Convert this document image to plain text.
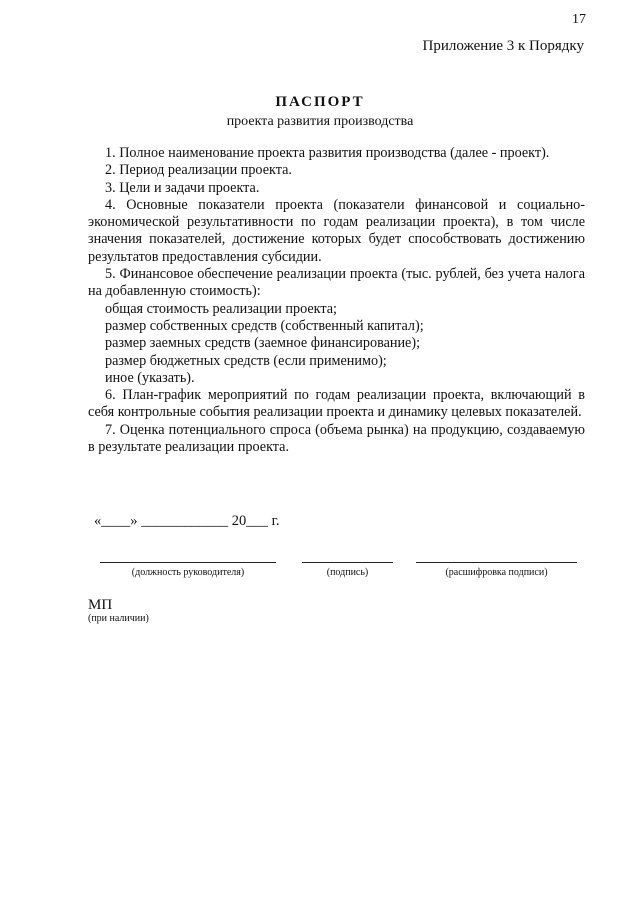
17
Приложение 3 к Порядку
ПАСПОРТ
проекта развития производства

1. Полное наименование проекта развития производства (далее - проект).

2. Период реализации проекта.

3. Цели и задачи проекта.

4. Основные показатели проекта (показатели финансовой и социально-экономической результативности по годам реализации проекта), в том числе значения показателей, достижение которых будет способствовать достижению результатов предоставления субсидии.

5. Финансовое обеспечение реализации проекта (тыс. рублей, без учета налога на добавленную стоимость):

общая стоимость реализации проекта;

размер собственных средств (собственный капитал);

размер заемных средств (заемное финансирование);

размер бюджетных средств (если применимо);

иное (указать).

6. План-график мероприятий по годам реализации проекта, включающий в себя контрольные события реализации проекта и динамику целевых показателей.

7. Оценка потенциального спроса (объема рынка) на продукцию, создаваемую в результате реализации проекта.

«____» ____________ 20___ г.
(должность руководителя)	(подпись)	(расшифровка подписи)
МП
(при наличии)
